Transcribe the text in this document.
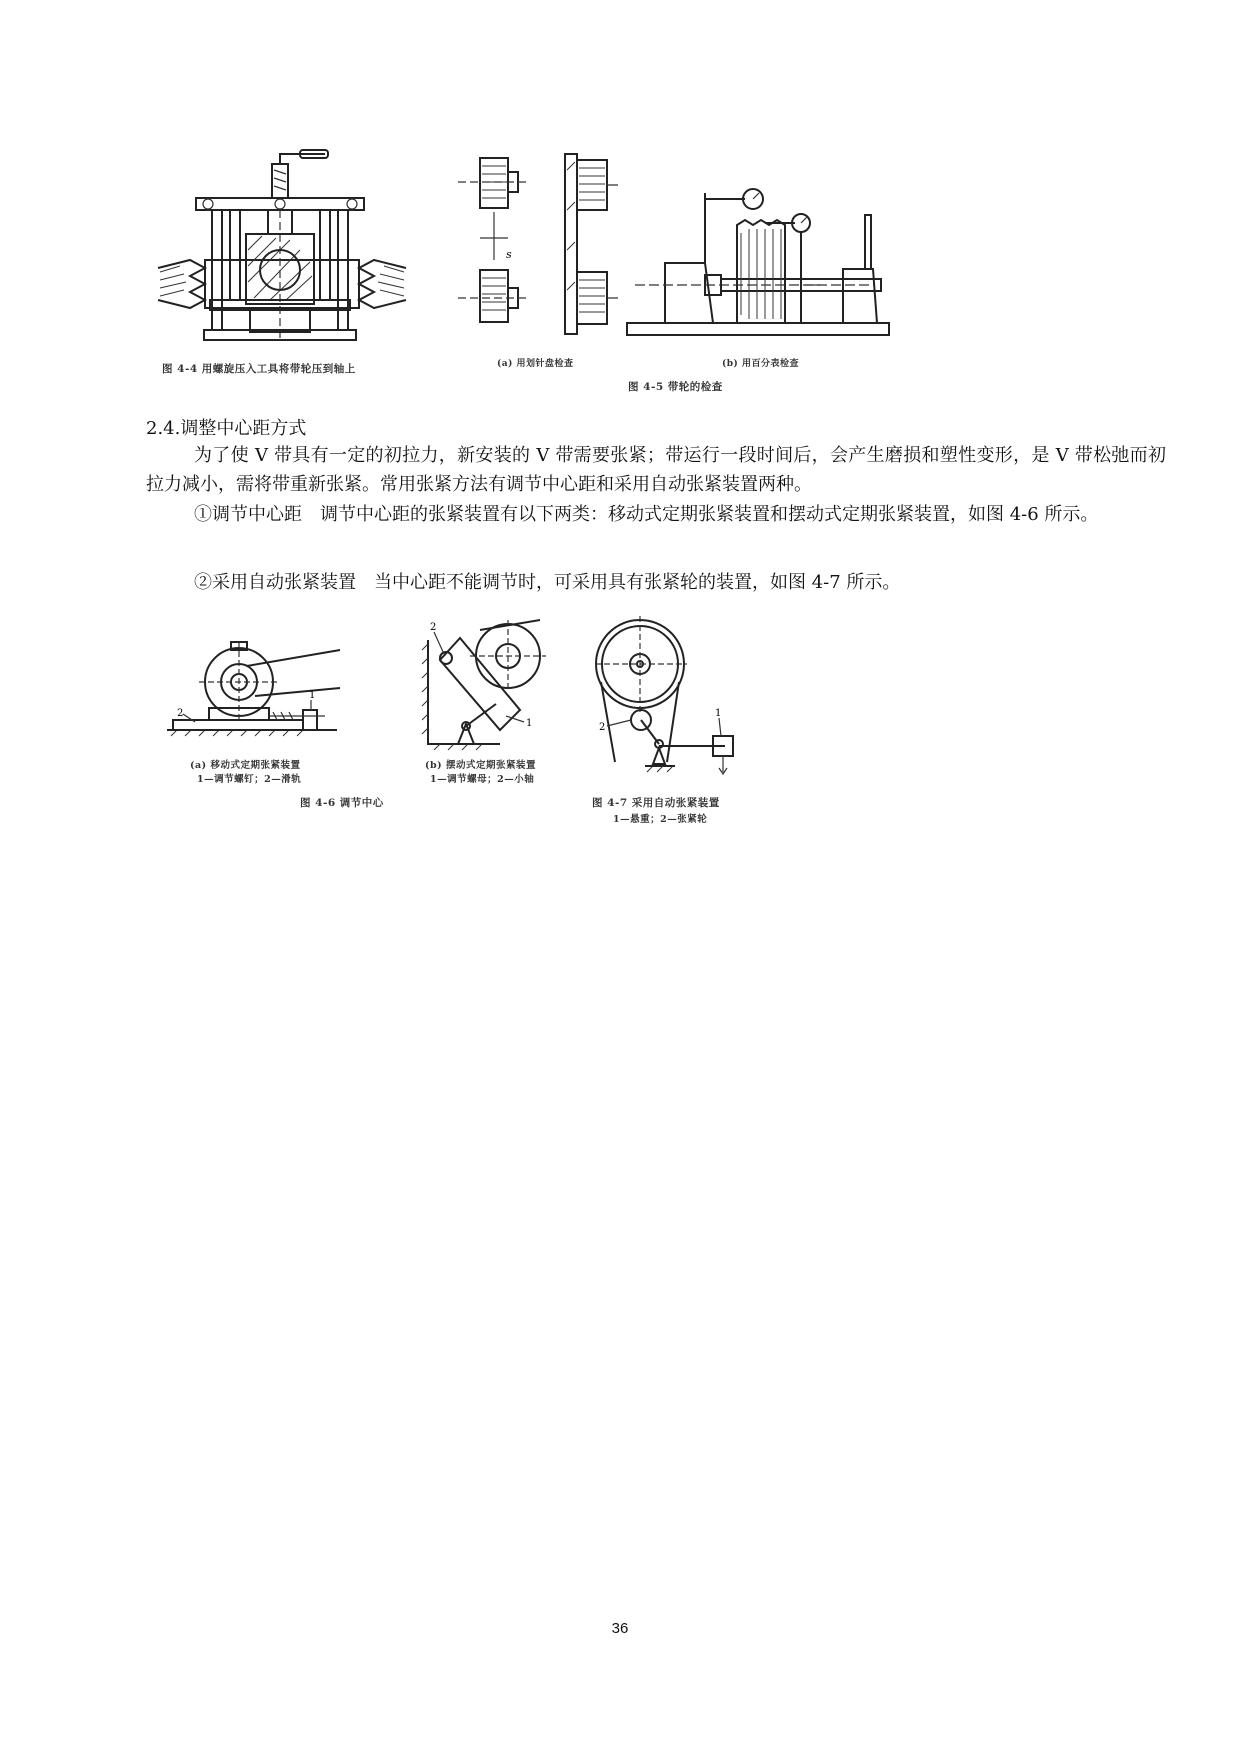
图 4-4 用螺旋压入工具将带轮压到轴上
s
(a) 用划针盘检查	(b) 用百分表检查
图 4-5 带轮的检查
2.4.调整中心距方式
为了使 V 带具有一定的初拉力，新安装的 V 带需要张紧；带运行一段时间后，会产生磨损和塑性变形，是 V 带松弛而初拉力减小，需将带重新张紧。常用张紧方法有调节中心距和采用自动张紧装置两种。
①调节中心距　调节中心距的张紧装置有以下两类：移动式定期张紧装置和摆动式定期张紧装置，如图 4-6 所示。
②采用自动张紧装置　当中心距不能调节时，可采用具有张紧轮的装置，如图 4-7 所示。
1
2
(a) 移动式定期张紧装置
1—调节螺钉；2—滑轨
图 4-6 调节中心
2
1
(b) 摆动式定期张紧装置
1—调节螺母；2—小轴
1
2
图 4-7 采用自动张紧装置
1—悬重；2—张紧轮
36
